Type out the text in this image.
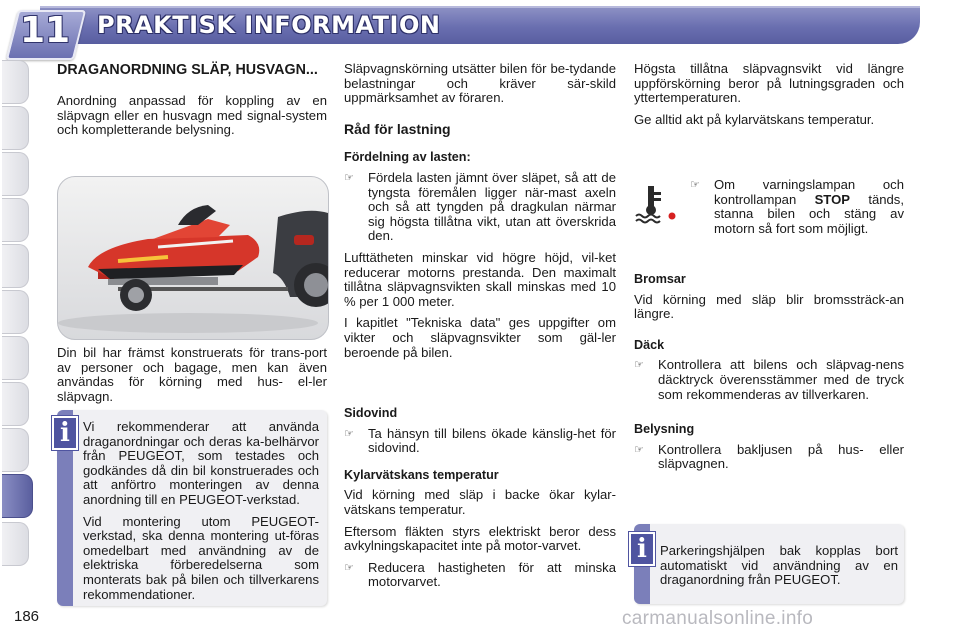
11 PRAKTISK INFORMATION
DRAGANORDNING SLÄP, HUSVAGN...

Anordning anpassad för koppling av en släpvagn eller en husvagn med signal-system och kompletterande belysning.

Din bil har främst konstruerats för trans-port av personer och bagage, men kan även användas för körning med hus- el-ler släpvagn.

Vi rekommenderar att använda draganordningar och deras ka-belhärvor från PEUGEOT, som testades och godkändes då din bil konstruerades och att anförtro monteringen av denna anordning till en PEUGEOT-verkstad.

Vid montering utom PEUGEOT-verkstad, ska denna montering ut-föras omedelbart med användning av de elektriska förberedelserna som monterats bak på bilen och tillverkarens rekommendationer.

i

Släpvagnskörning utsätter bilen för be-tydande belastningar och kräver sär-skild uppmärksamhet av föraren.

Råd för lastning
Fördelning av lasten:
☞ Fördela lasten jämnt över släpet, så att de tyngsta föremålen ligger när-mast axeln och så att tyngden på dragkulan närmar sig högsta tillåtna vikt, utan att överskrida den.

Lufttätheten minskar vid högre höjd, vil-ket reducerar motorns prestanda. Den maximalt tillåtna släpvagnsvikten skall minskas med 10 % per 1 000 meter.

I kapitlet "Tekniska data" ges uppgifter om vikter och släpvagnsvikter som gäl-ler beroende på bilen.

Sidovind
☞ Ta hänsyn till bilens ökade känslig-het för sidovind.
Kylarvätskans temperatur

Vid körning med släp i backe ökar kylar-vätskans temperatur.

Eftersom fläkten styrs elektriskt beror dess avkylningskapacitet inte på motor-varvet.

☞ Reducera hastigheten för att minska motorvarvet.

Högsta tillåtna släpvagnsvikt vid längre uppförskörning beror på lutningsgraden och yttertemperaturen.

Ge alltid akt på kylarvätskans temperatur.

☞ Om varningslampan och kontrollampan STOP tänds, stanna bilen och stäng av motorn så fort som möjligt.
Bromsar

Vid körning med släp blir bromssträck-an längre.

Däck
☞ Kontrollera att bilens och släpvag-nens däcktryck överensstämmer med de tryck som rekommenderas av tillverkaren.
Belysning
☞ Kontrollera bakljusen på hus- eller släpvagnen.

Parkeringshjälpen bak kopplas bort automatiskt vid användning av en draganordning från PEUGEOT.

i
186	carmanualsonline.info
